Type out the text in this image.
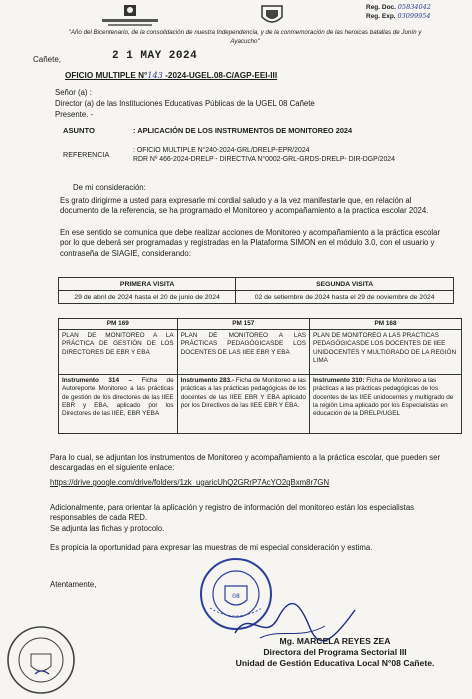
Reg. Doc. 05834042
Reg. Exp. 03099954
"Año del Bicentenario, de la consolidación de nuestra Independencia, y de la conmemoración de las heroicas batallas de Junín y Ayacucho"
Cañete,	2 1 MAY 2024
OFICIO MULTIPLE N°143 -2024-UGEL.08-C/AGP-EEI-III
Señor (a) :
Director (a) de las Instituciones Educativas Públicas de la UGEL 08 Cañete
Presente. -
ASUNTO	: APLICACIÓN DE LOS INSTRUMENTOS DE MONITOREO 2024
REFERENCIA	: OFICIO MULTIPLE N°240-2024-GRL/DRELP-EPR/2024
RDR Nº 466-2024-DRELP - DIRECTIVA N°0002-GRL-GRDS-DRELP- DIR-DGP/2024
De mi consideración:
Es grato dirigirme a usted para expresarle mi cordial saludo y a la vez manifestarle que, en relación al documento de la referencia, se ha programado el Monitoreo y acompañamiento a la practica escolar 2024.
En ese sentido se comunica que debe realizar acciones de Monitoreo y acompañamiento a la práctica escolar por lo que deberá ser programadas y registradas en la Plataforma SIMON en el módulo 3.0, con el usuario y contraseña de SIAGIE, considerando:
PRIMERA VISITA	SEGUNDA VISITA
29 de abril de 2024 hasta el 20 de junio de 2024	02 de setiembre de 2024 hasta el 29 de noviembre de 2024
PM 169	PM 157	PM 168
PLAN DE MONITOREO A LA PRÁCTICA DE GESTIÓN DE LOS DIRECTORES DE EBR Y EBA	PLAN DE MONITOREO A LAS PRÁCTICAS PEDAGÓGICASDE LOS DOCENTES DE LAS IIEE EBR Y EBA	PLAN DE MONITOREO A LAS PRACTICAS PEDAGÓGICASDE LOS DOCENTES DE IIEE UNIDOCENTES Y MULTIGRADO DE LA REGIÓN LIMA
Instrumento 314 – Ficha de Autoreporte Monitoreo a las prácticas de gestión de los directores de las IIEE EBR y EBA, aplicado por los Directores de las IIEE, EBR YEBA	Instrumento 283.- Ficha de Monitoreo a las prácticas a las prácticas pedagógicas de los docentes de las IIEE EBR Y EBA aplicado por los Directivos de las IIEE EBR Y EBA.	Instrumento 310: Ficha de Monitoreo a las prácticas a las prácticas pedagógicas de los docentes de las IIEE unidocentes y multigrado de la región Lima aplicado por los Especialistas en educación de la DRELP/UGEL
Para lo cual, se adjuntan los instrumentos de Monitoreo y acompañamiento a la práctica escolar, que pueden ser descargadas en el siguiente enlace:
https://drive.google.com/drive/folders/1zk_ugaricUhQ2GRrP7AcYO2qBxm8r7GN
Adicionalmente, para orientar la aplicación y registro de información del monitoreo están los especialistas responsables de cada RED.
Se adjunta las fichas y protocolo.
Es propicia la oportunidad para expresar las muestras de mi especial consideración y estima.
Atentamente,
08
Mg. MARCELA REYES ZEA
Directora del Programa Sectorial III
Unidad de Gestión Educativa Local N°08 Cañete.
